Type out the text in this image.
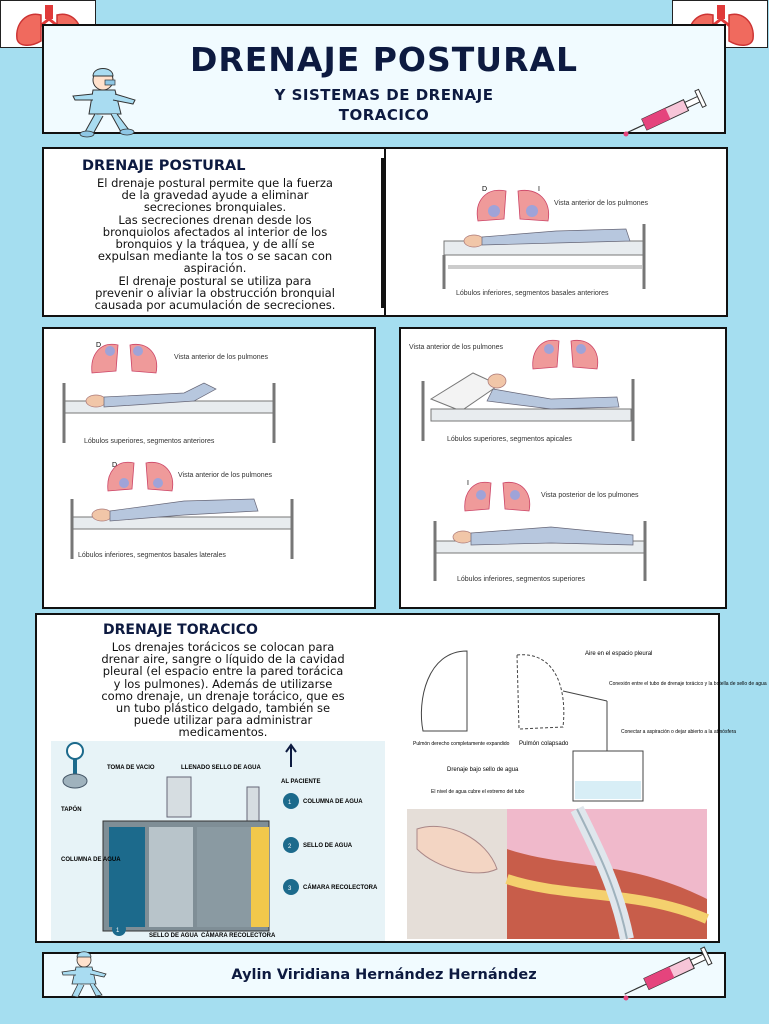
DRENAJE POSTURAL
Y SISTEMAS DE DRENAJE
TORACICO
DRENAJE POSTURAL
El drenaje postural permite que la fuerza
de la gravedad ayude a eliminar
secreciones bronquiales.
Las secreciones drenan desde los
bronquiolos afectados al interior de los
bronquios y la tráquea, y de allí se
expulsan mediante la tos o se sacan con
aspiración.
El drenaje postural se utiliza para
prevenir o aliviar la obstrucción bronquial
causada por acumulación de secreciones.
D	I
Vista anterior de los pulmones
Lóbulos inferiores, segmentos basales anteriores
D
Vista anterior de los pulmones
Lóbulos superiores, segmentos anteriores
D
Vista anterior de los pulmones
Lóbulos inferiores, segmentos basales laterales
Vista anterior de los pulmones
Lóbulos superiores, segmentos apicales
I
Vista posterior de los pulmones
Lóbulos inferiores, segmentos superiores
DRENAJE TORACICO
Los drenajes torácicos se colocan para
drenar aire, sangre o líquido de la cavidad
pleural (el espacio entre la pared torácica
y los pulmones). Además de utilizarse
como drenaje, un drenaje torácico, que es
un tubo plástico delgado, también se
puede utilizar para administrar
medicamentos.
TOMA DE VACIO	LLENADO SELLO DE AGUA
AL PACIENTE
TAPÓN
COLUMNA DE AGUA
1
SELLO DE AGUA CÁMARA RECOLECTORA
1 COLUMNA DE AGUA
2 SELLO DE AGUA
3 CÁMARA RECOLECTORA
Aire en el espacio pleural
Conexión entre el tubo de drenaje torácico y la botella de sello de agua
Conectar a aspiración o dejar abierto a la atmósfera
Pulmón derecho completamente expandido Pulmón colapsado
Drenaje bajo sello de agua
El nivel de agua cubre el extremo del tubo
Aylin Viridiana Hernández Hernández
